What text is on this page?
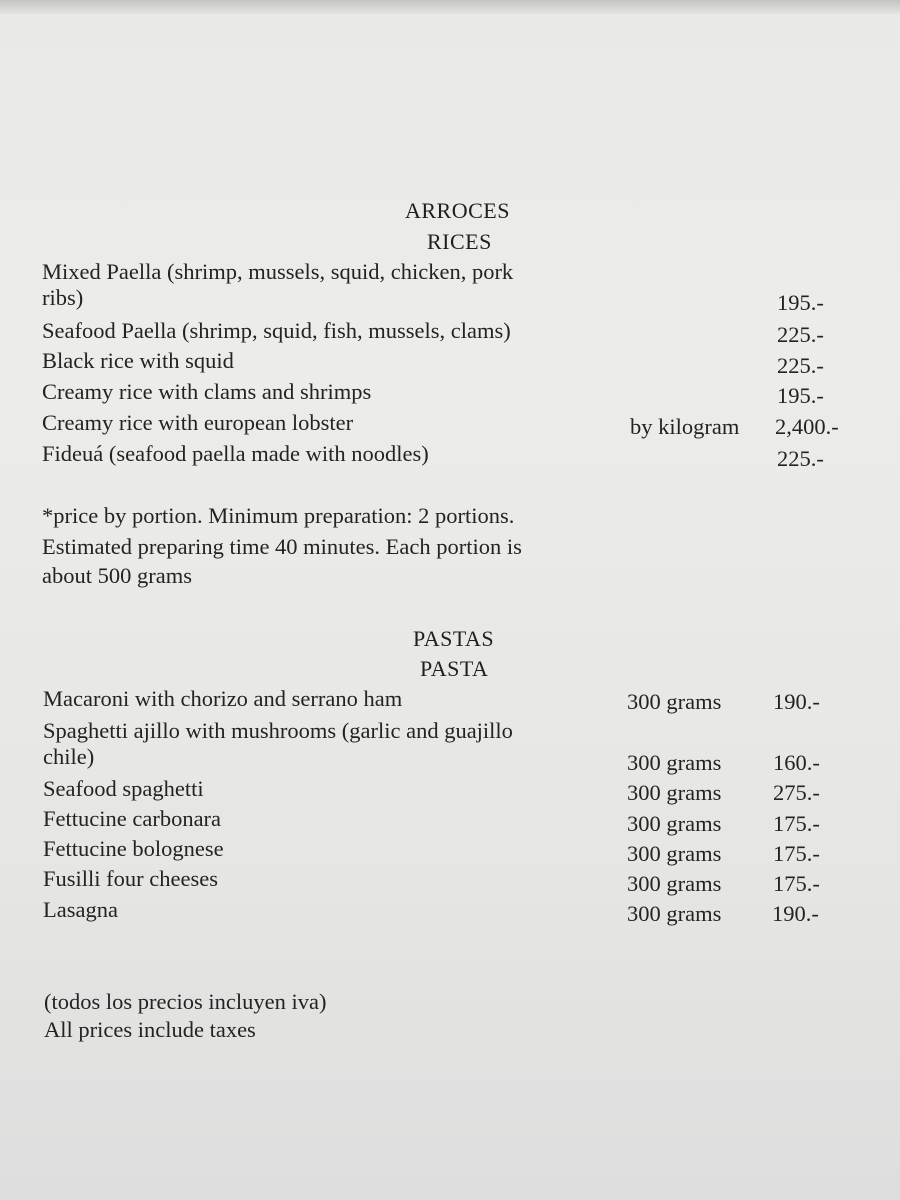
ARROCES
RICES
Mixed Paella (shrimp, mussels, squid, chicken, pork
ribs)	195.-
Seafood Paella (shrimp, squid, fish, mussels, clams)	225.-
Black rice with squid	225.-
Creamy rice with clams and shrimps	195.-
Creamy rice with european lobster	by kilogram 2,400.-
Fideuá (seafood paella made with noodles)	225.-
*price by portion. Minimum preparation: 2 portions.
Estimated preparing time 40 minutes. Each portion is
about 500 grams
PASTAS
PASTA
Macaroni with chorizo and serrano ham	300 grams 190.-
Spaghetti ajillo with mushrooms (garlic and guajillo
chile)	300 grams 160.-
Seafood spaghetti	300 grams 275.-
Fettucine carbonara	300 grams 175.-
Fettucine bolognese	300 grams 175.-
Fusilli four cheeses	300 grams 175.-
Lasagna	300 grams 190.-
(todos los precios incluyen iva)
All prices include taxes
